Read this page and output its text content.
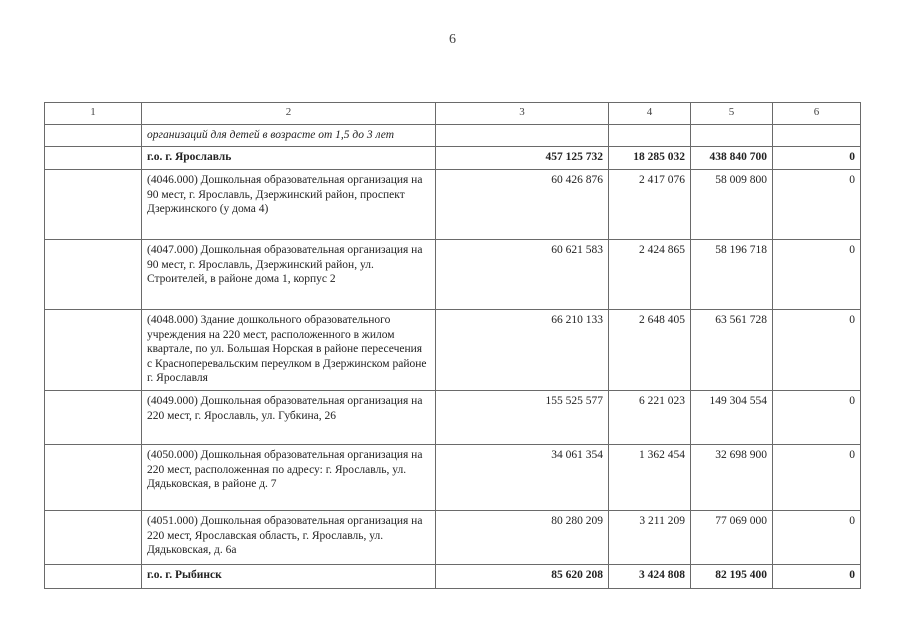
6
1	2	3	4	5	6
	организаций для детей в возрасте от 1,5 до 3 лет				
	г.о. г. Ярославль	457 125 732	18 285 032	438 840 700	0
	(4046.000) Дошкольная образовательная организация на 90 мест, г. Ярославль, Дзержинский район, проспект Дзержинского (у дома 4)	60 426 876	2 417 076	58 009 800	0
	(4047.000) Дошкольная образовательная организация на 90 мест, г. Ярославль, Дзержинский район, ул. Строителей, в районе дома 1, корпус 2	60 621 583	2 424 865	58 196 718	0
	(4048.000) Здание дошкольного образовательного учреждения на 220 мест, расположенного в жилом квартале, по ул. Большая Норская в районе пересечения с Красноперевальским переулком в Дзержинском районе г. Ярославля	66 210 133	2 648 405	63 561 728	0
	(4049.000) Дошкольная образовательная организация на 220 мест, г. Ярославль, ул. Губкина, 26	155 525 577	6 221 023	149 304 554	0
	(4050.000) Дошкольная образовательная организация на 220 мест, расположенная по адресу: г. Ярославль, ул. Дядьковская, в районе д. 7	34 061 354	1 362 454	32 698 900	0
	(4051.000) Дошкольная образовательная организация на 220 мест, Ярославская область, г. Ярославль, ул. Дядьковская, д. 6а	80 280 209	3 211 209	77 069 000	0
	г.о. г. Рыбинск	85 620 208	3 424 808	82 195 400	0
